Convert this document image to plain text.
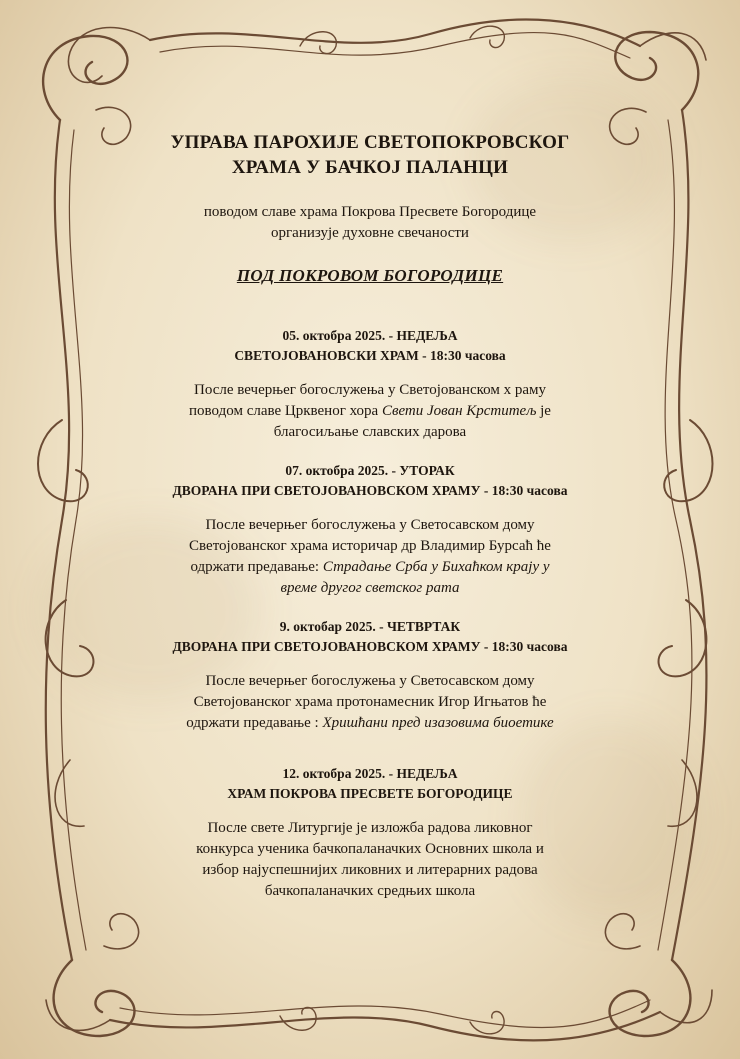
УПРАВА ПАРОХИЈЕ СВЕТОПОКРОВСКОГ
ХРАМА У БАЧКОЈ ПАЛАНЦИ
поводом славе храма Покрова Пресвете Богородице
организује духовне свечаности
ПОД ПОКРОВОМ БОГОРОДИЦЕ
05. октобра 2025. - НЕДЕЉА
СВЕТОЈОВАНОВСКИ ХРАМ - 18:30 часова
После вечерњег богослужења у Светојованском х раму
поводом славе Црквеног хора Свети Јован Крститељ је
благосиљање славских дарова
07. октобра 2025. - УТОРАК
ДВОРАНА ПРИ СВЕТОЈОВАНОВСКОМ ХРАМУ - 18:30 часова
После вечерњег богослужења у Светосавском дому
Светојованског храма историчар др Владимир Бурсаћ ће
одржати предавање: Страдање Срба у Бихаћком крају у
време другог светског рата
9. октобар 2025. - ЧЕТВРТАК
ДВОРАНА ПРИ СВЕТОЈОВАНОВСКОМ ХРАМУ - 18:30 часова
После вечерњег богослужења у Светосавском дому
Светојованског храма протонамесник Игор Игњатов ће
одржати предавање : Хришћани пред изазовима биоетике
12. октобра 2025. - НЕДЕЉА
ХРАМ ПОКРОВА ПРЕСВЕТЕ БОГОРОДИЦЕ
После свете Литургије је изложба радова ликовног
конкурса ученика бачкопаланачких Основних школа и
избор најуспешнијих ликовних и литерарних радова
бачкопаланачких средњих школа
